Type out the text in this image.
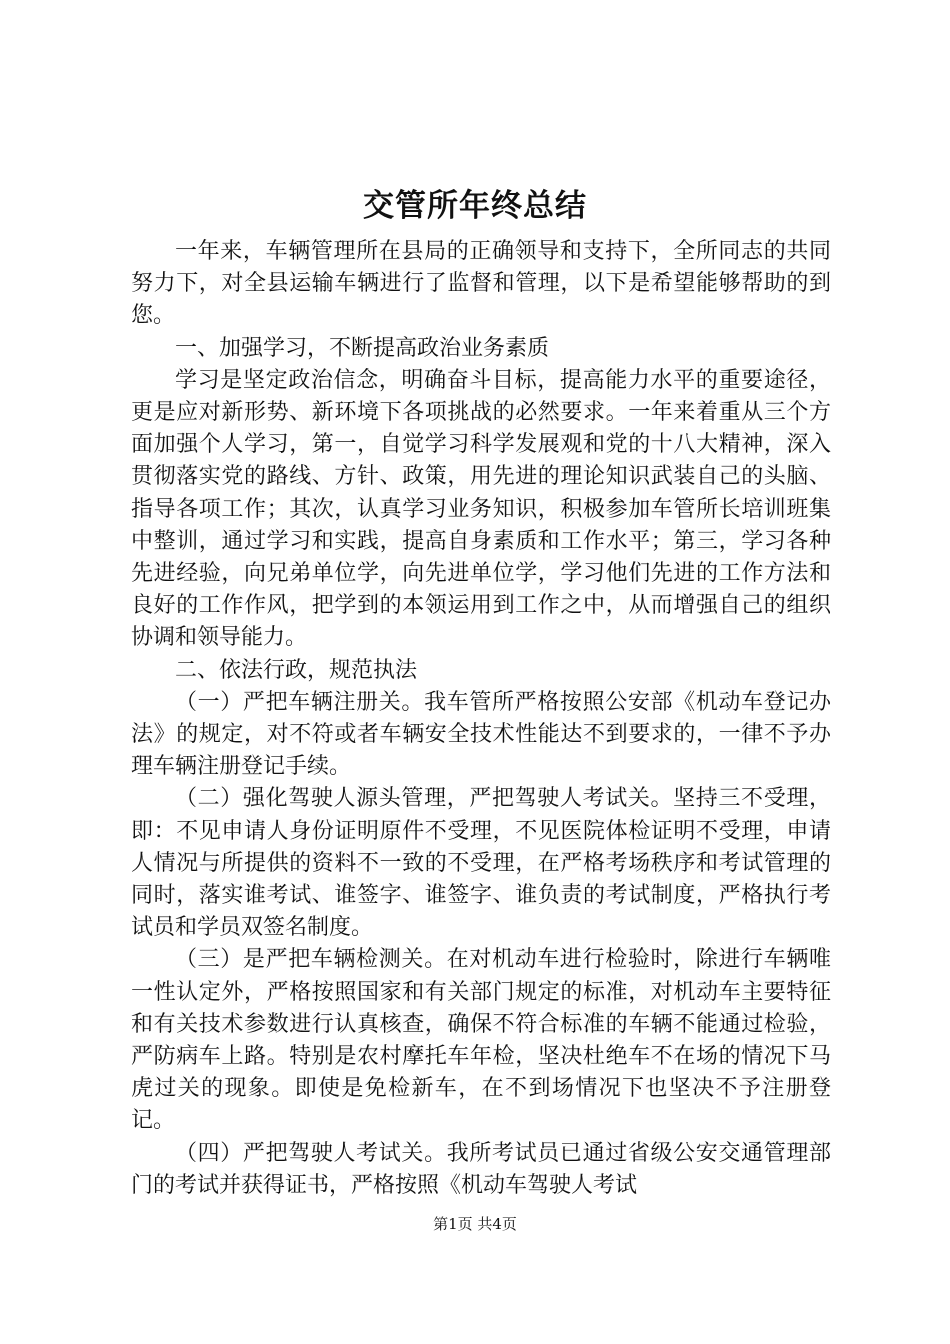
交管所年终总结

一年来，车辆管理所在县局的正确领导和支持下，全所同志的共同努力下，对全县运输车辆进行了监督和管理，以下是希望能够帮助的到您。

一、加强学习，不断提高政治业务素质

学习是坚定政治信念，明确奋斗目标，提高能力水平的重要途径，更是应对新形势、新环境下各项挑战的必然要求。一年来着重从三个方面加强个人学习，第一，自觉学习科学发展观和党的十八大精神，深入贯彻落实党的路线、方针、政策，用先进的理论知识武装自己的头脑、指导各项工作；其次，认真学习业务知识，积极参加车管所长培训班集中整训，通过学习和实践，提高自身素质和工作水平；第三，学习各种先进经验，向兄弟单位学，向先进单位学，学习他们先进的工作方法和良好的工作作风，把学到的本领运用到工作之中，从而增强自己的组织协调和领导能力。

二、依法行政，规范执法

（一）严把车辆注册关。我车管所严格按照公安部《机动车登记办法》的规定，对不符或者车辆安全技术性能达不到要求的，一律不予办理车辆注册登记手续。

（二）强化驾驶人源头管理，严把驾驶人考试关。坚持三不受理，即：不见申请人身份证明原件不受理，不见医院体检证明不受理，申请人情况与所提供的资料不一致的不受理，在严格考场秩序和考试管理的同时，落实谁考试、谁签字、谁签字、谁负责的考试制度，严格执行考试员和学员双签名制度。

（三）是严把车辆检测关。在对机动车进行检验时，除进行车辆唯一性认定外，严格按照国家和有关部门规定的标准，对机动车主要特征和有关技术参数进行认真核查，确保不符合标准的车辆不能通过检验，严防病车上路。特别是农村摩托车年检，坚决杜绝车不在场的情况下马虎过关的现象。即使是免检新车，在不到场情况下也坚决不予注册登记。

（四）严把驾驶人考试关。我所考试员已通过省级公安交通管理部门的考试并获得证书，严格按照《机动车驾驶人考试

第1页 共4页
